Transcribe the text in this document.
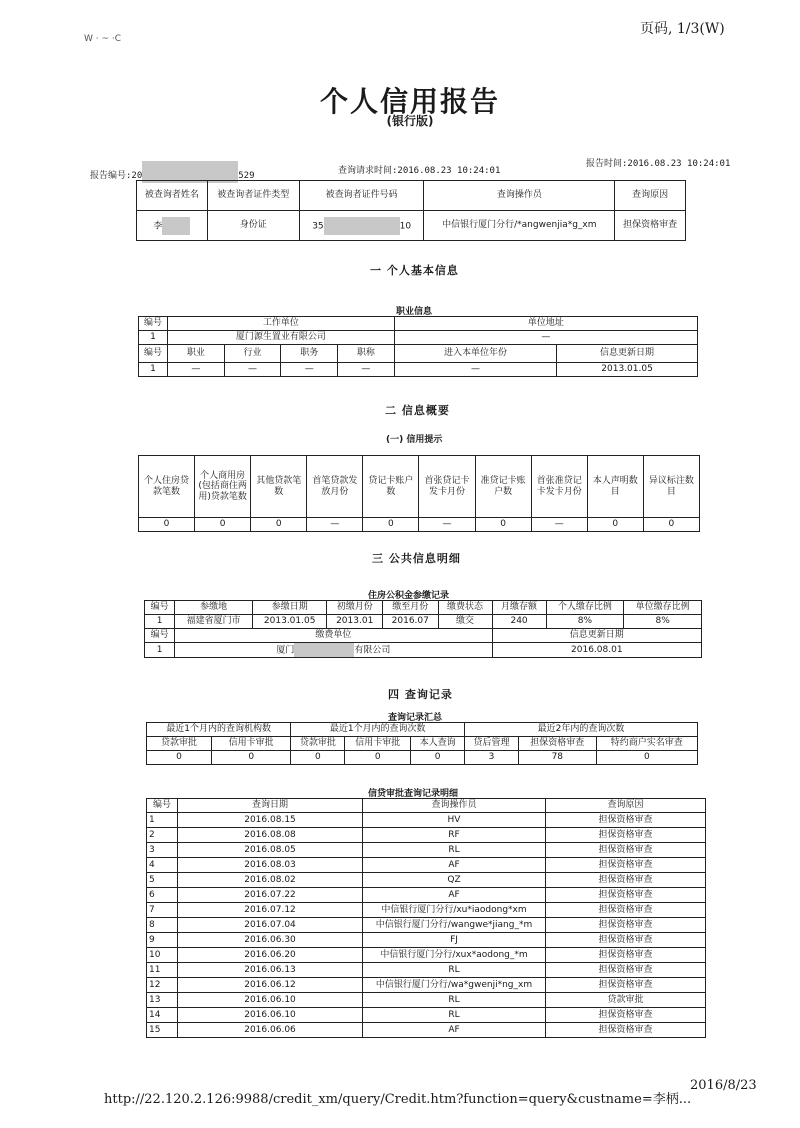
W · ~ ·C
页码, 1/3(W)
个人信用报告
(银行版)
报告编号:20	529	查询请求时间:2016.08.23 10:24:01
报告时间:2016.08.23 10:24:01
被查询者姓名	被查询者证件类型	被查询者证件号码	查询操作员	查询原因
李	身份证	35 10	中信银行厦门分行/*angwenjia*g_xm	担保资格审查
一 个人基本信息
职业信息
编号	工作单位				单位地址	
1	厦门源生置业有限公司				—	
编号	职业	行业	职务	职称	进入本单位年份	信息更新日期
1	—	—	—	—	—	2013.01.05
二 信息概要
(一) 信用提示
个人住房贷款笔数	个人商用房(包括商住两用)贷款笔数	其他贷款笔数	首笔贷款发放月份	贷记卡账户数	首张贷记卡发卡月份	准贷记卡账户数	首张准贷记卡发卡月份	本人声明数目	异议标注数目
0	0	0	—	0	—	0	—	0	0
三 公共信息明细
住房公积金参缴记录
编号	参缴地	参缴日期	初缴月份	缴至月份	缴费状态	月缴存额	个人缴存比例	单位缴存比例
1	福建省厦门市	2013.01.05	2013.01	2016.07	缴交	240	8%	8%
编号	缴费单位					信息更新日期		
1	厦门 有限公司					2016.08.01		
四 查询记录
查询记录汇总
最近1个月内的查询机构数		最近1个月内的查询次数			最近2年内的查询次数		
贷款审批	信用卡审批	贷款审批	信用卡审批	本人查询	贷后管理	担保资格审查	特约商户实名审查
0	0	0	0	0	3	78	0
信贷审批查询记录明细
编号	查询日期	查询操作员	查询原因
1	2016.08.15	HV	担保资格审查
2	2016.08.08	RF	担保资格审查
3	2016.08.05	RL	担保资格审查
4	2016.08.03	AF	担保资格审查
5	2016.08.02	QZ	担保资格审查
6	2016.07.22	AF	担保资格审查
7	2016.07.12	中信银行厦门分行/xu*iaodong*xm	担保资格审查
8	2016.07.04	中信银行厦门分行/wangwe*jiang_*m	担保资格审查
9	2016.06.30	FJ	担保资格审查
10	2016.06.20	中信银行厦门分行/xux*aodong_*m	担保资格审查
11	2016.06.13	RL	担保资格审查
12	2016.06.12	中信银行厦门分行/wa*gwenji*ng_xm	担保资格审查
13	2016.06.10	RL	贷款审批
14	2016.06.10	RL	担保资格审查
15	2016.06.06	AF	担保资格审查
http://22.120.2.126:9988/credit_xm/query/Credit.htm?function=query&custname=李柄...
2016/8/23
